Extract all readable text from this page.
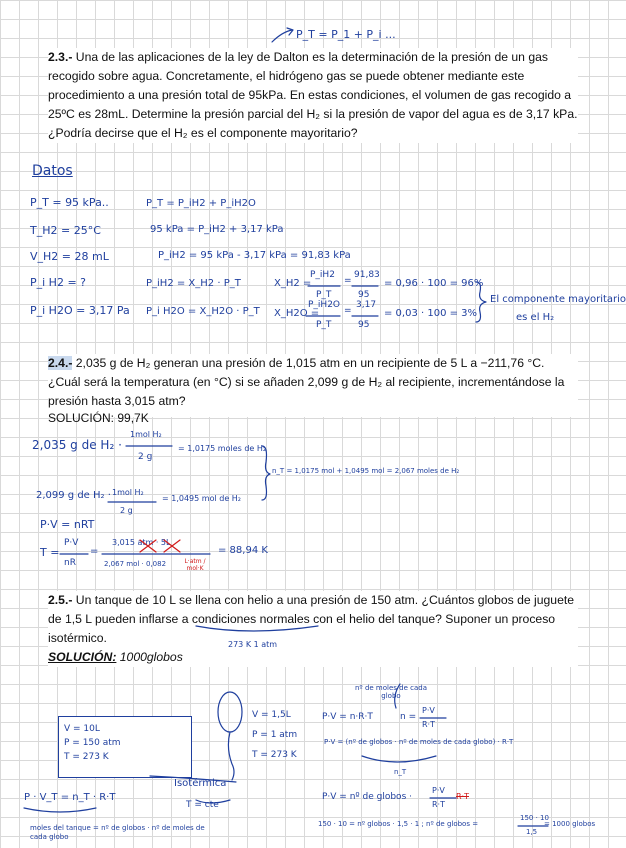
P_T = P_1 + P_i ...
2.3.- Una de las aplicaciones de la ley de Dalton es la determinación de la presión de un gas recogido sobre agua. Concretamente, el hidrógeno gas se puede obtener mediante este procedimiento a una presión total de 95kPa. En estas condiciones, el volumen de gas recogido a 25ºC es 28mL. Determine la presión parcial del H₂ si la presión de vapor del agua es de 3,17 kPa. ¿Podría decirse que el H₂ es el componente mayoritario?
Datos
P_T = 95 kPa..
T_H2 = 25°C
V_H2 = 28 mL
P_i H2 = ?
P_i H2O = 3,17 Pa
P_T = P_iH2 + P_iH2O
95 kPa = P_iH2 + 3,17 kPa
P_iH2 = 95 kPa - 3,17 kPa = 91,83 kPa
P_iH2 = X_H2 · P_T
P_i H2O = X_H2O · P_T
X_H2 =
P_iH2
P_T
=
91,83
95
= 0,96 · 100 = 96%
X_H2O =
P_iH2O
P_T
=
3,17
95
= 0,03 · 100 = 3%
El componente mayoritario
es el H₂
2.4.- 2,035 g de H₂ generan una presión de 1,015 atm en un recipiente de 5 L a −211,76 °C. ¿Cuál será la temperatura (en °C) si se añaden 2,099 g de H₂ al recipiente, incrementándose la presión hasta 3,015 atm?
SOLUCIÓN: 99,7K
2,035 g de H₂ ·
1mol H₂
2 g
= 1,0175 moles de H₂
2,099 g de H₂ · 1mol H₂
2 g
= 1,0495 mol de H₂
n_T = 1,0175 mol + 1,0495 mol = 2,067 moles de H₂
P·V = nRT
T =
P·V
nR
=
3,015 atm · 5L
2,067 mol · 0,082	L·atm / mol·K
= 88,94 K
2.5.- Un tanque de 10 L se llena con helio a una presión de 150 atm. ¿Cuántos globos de juguete de 1,5 L pueden inflarse a condiciones normales con el helio del tanque? Suponer un proceso isotérmico.
SOLUCIÓN: 1000globos
273 K 1 atm
V = 10L
P = 150 atm
T = 273 K
V = 1,5L
P = 1 atm
T = 273 K
Isotérmica
T = cte
P · V_T = n_T · R·T
moles del tanque = nº de globos · nº de moles de cada globo
nº de moles de cada globo
P·V = n·R·T	n =
P·V
R·T
P·V = (nº de globos · nº de moles de cada globo) · R·T
n_T
P·V = nº de globos ·
P·V
R·T
R·T
150 · 10 = nº globos · 1,5 · 1 ; nº de globos =
150 · 10
1,5
= 1000 globos
